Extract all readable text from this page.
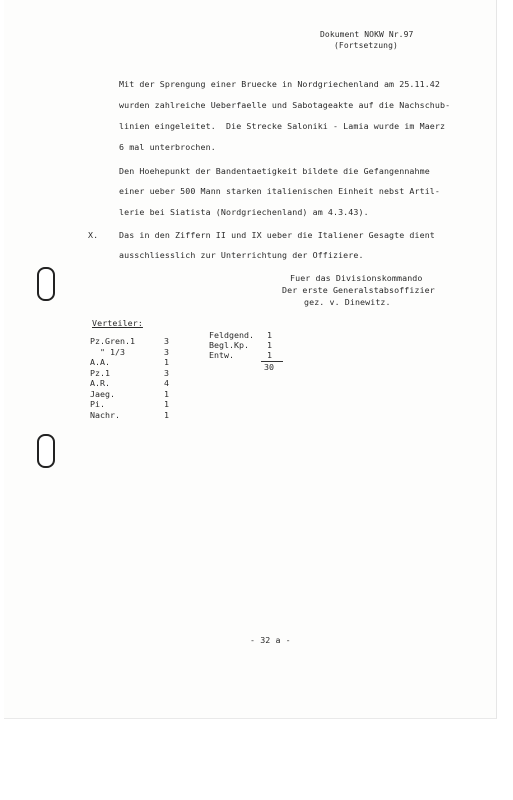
Dokument NOKW Nr.97
(Fortsetzung)
Mit der Sprengung einer Bruecke in Nordgriechenland am 25.11.42
wurden zahlreiche Ueberfaelle und Sabotageakte auf die Nachschub-
linien eingeleitet.  Die Strecke Saloniki - Lamia wurde im Maerz
6 mal unterbrochen.
Den Hoehepunkt der Bandentaetigkeit bildete die Gefangennahme
einer ueber 500 Mann starken italienischen Einheit nebst Artil-
lerie bei Siatista (Nordgriechenland) am 4.3.43).
X.	Das in den Ziffern II und IX ueber die Italiener Gesagte dient
ausschliesslich zur Unterrichtung der Offiziere.
Fuer das Divisionskommando
Der erste Generalstabsoffizier
gez. v. Dinewitz.
Verteiler:
Pz.Gren.1	3
" 1/3	3
A.A.	1
Pz.1	3
A.R.	4
Jaeg.	1
Pi.	1
Nachr.	1
Feldgend. 1
Begl.Kp. 1
Entw.	1
30
- 32 a -
